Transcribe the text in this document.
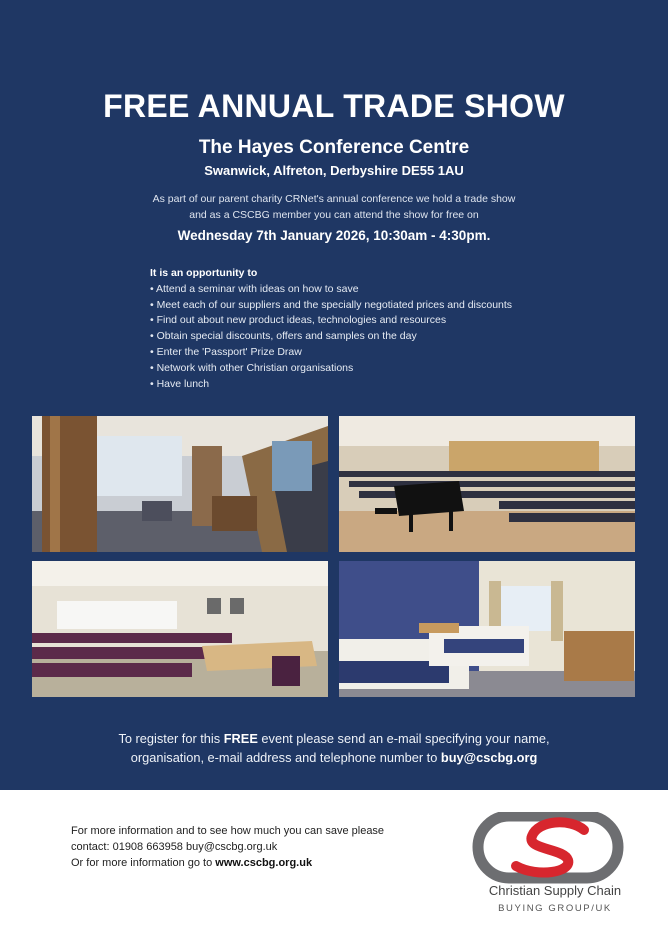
FREE ANNUAL TRADE SHOW
The Hayes Conference Centre
Swanwick, Alfreton, Derbyshire DE55 1AU
As part of our parent charity CRNet's annual conference we hold a trade show
and as a CSCBG member you can attend the show for free on
Wednesday 7th January 2026, 10:30am - 4:30pm.
It is an opportunity to
• Attend a seminar with ideas on how to save
• Meet each of our suppliers and the specially negotiated prices and discounts
• Find out about new product ideas, technologies and resources
• Obtain special discounts, offers and samples on the day
• Enter the 'Passport' Prize Draw
• Network with other Christian organisations
• Have lunch
To register for this FREE event please send an e-mail specifying your name,
organisation, e-mail address and telephone number to buy@cscbg.org
For more information and to see how much you can save please
contact: 01908 663958 buy@cscbg.org.uk
Or for more information go to www.cscbg.org.uk
Christian Supply Chain
BUYING GROUP/UK
